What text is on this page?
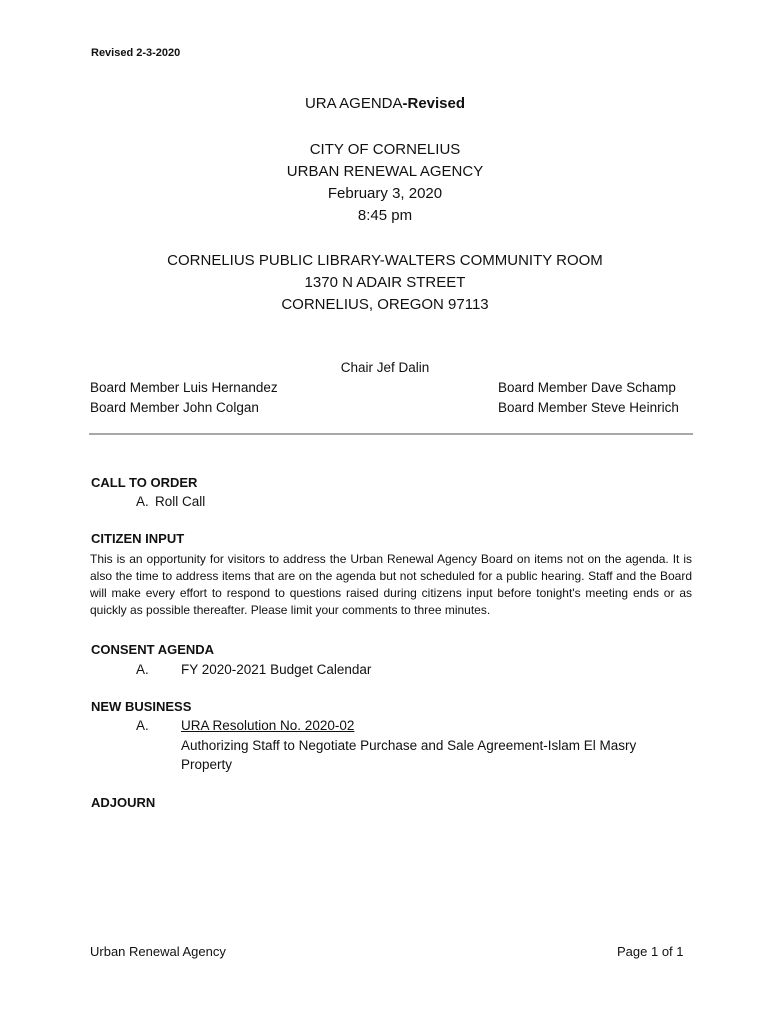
Revised 2-3-2020
URA AGENDA-Revised
CITY OF CORNELIUS
URBAN RENEWAL AGENCY
February 3, 2020
8:45 pm
CORNELIUS PUBLIC LIBRARY-WALTERS COMMUNITY ROOM
1370 N ADAIR STREET
CORNELIUS, OREGON 97113
Chair Jef Dalin
Board Member Luis Hernandez
Board Member John Colgan
Board Member Dave Schamp
Board Member Steve Heinrich
CALL TO ORDER
A. Roll Call
CITIZEN INPUT
This is an opportunity for visitors to address the Urban Renewal Agency Board on items not on the agenda. It is also the time to address items that are on the agenda but not scheduled for a public hearing. Staff and the Board will make every effort to respond to questions raised during citizens input before tonight's meeting ends or as quickly as possible thereafter. Please limit your comments to three minutes.
CONSENT AGENDA
A. FY 2020-2021 Budget Calendar
NEW BUSINESS
A. URA Resolution No. 2020-02
Authorizing Staff to Negotiate Purchase and Sale Agreement-Islam El Masry
Property
ADJOURN
Urban Renewal Agency	Page 1 of 1
